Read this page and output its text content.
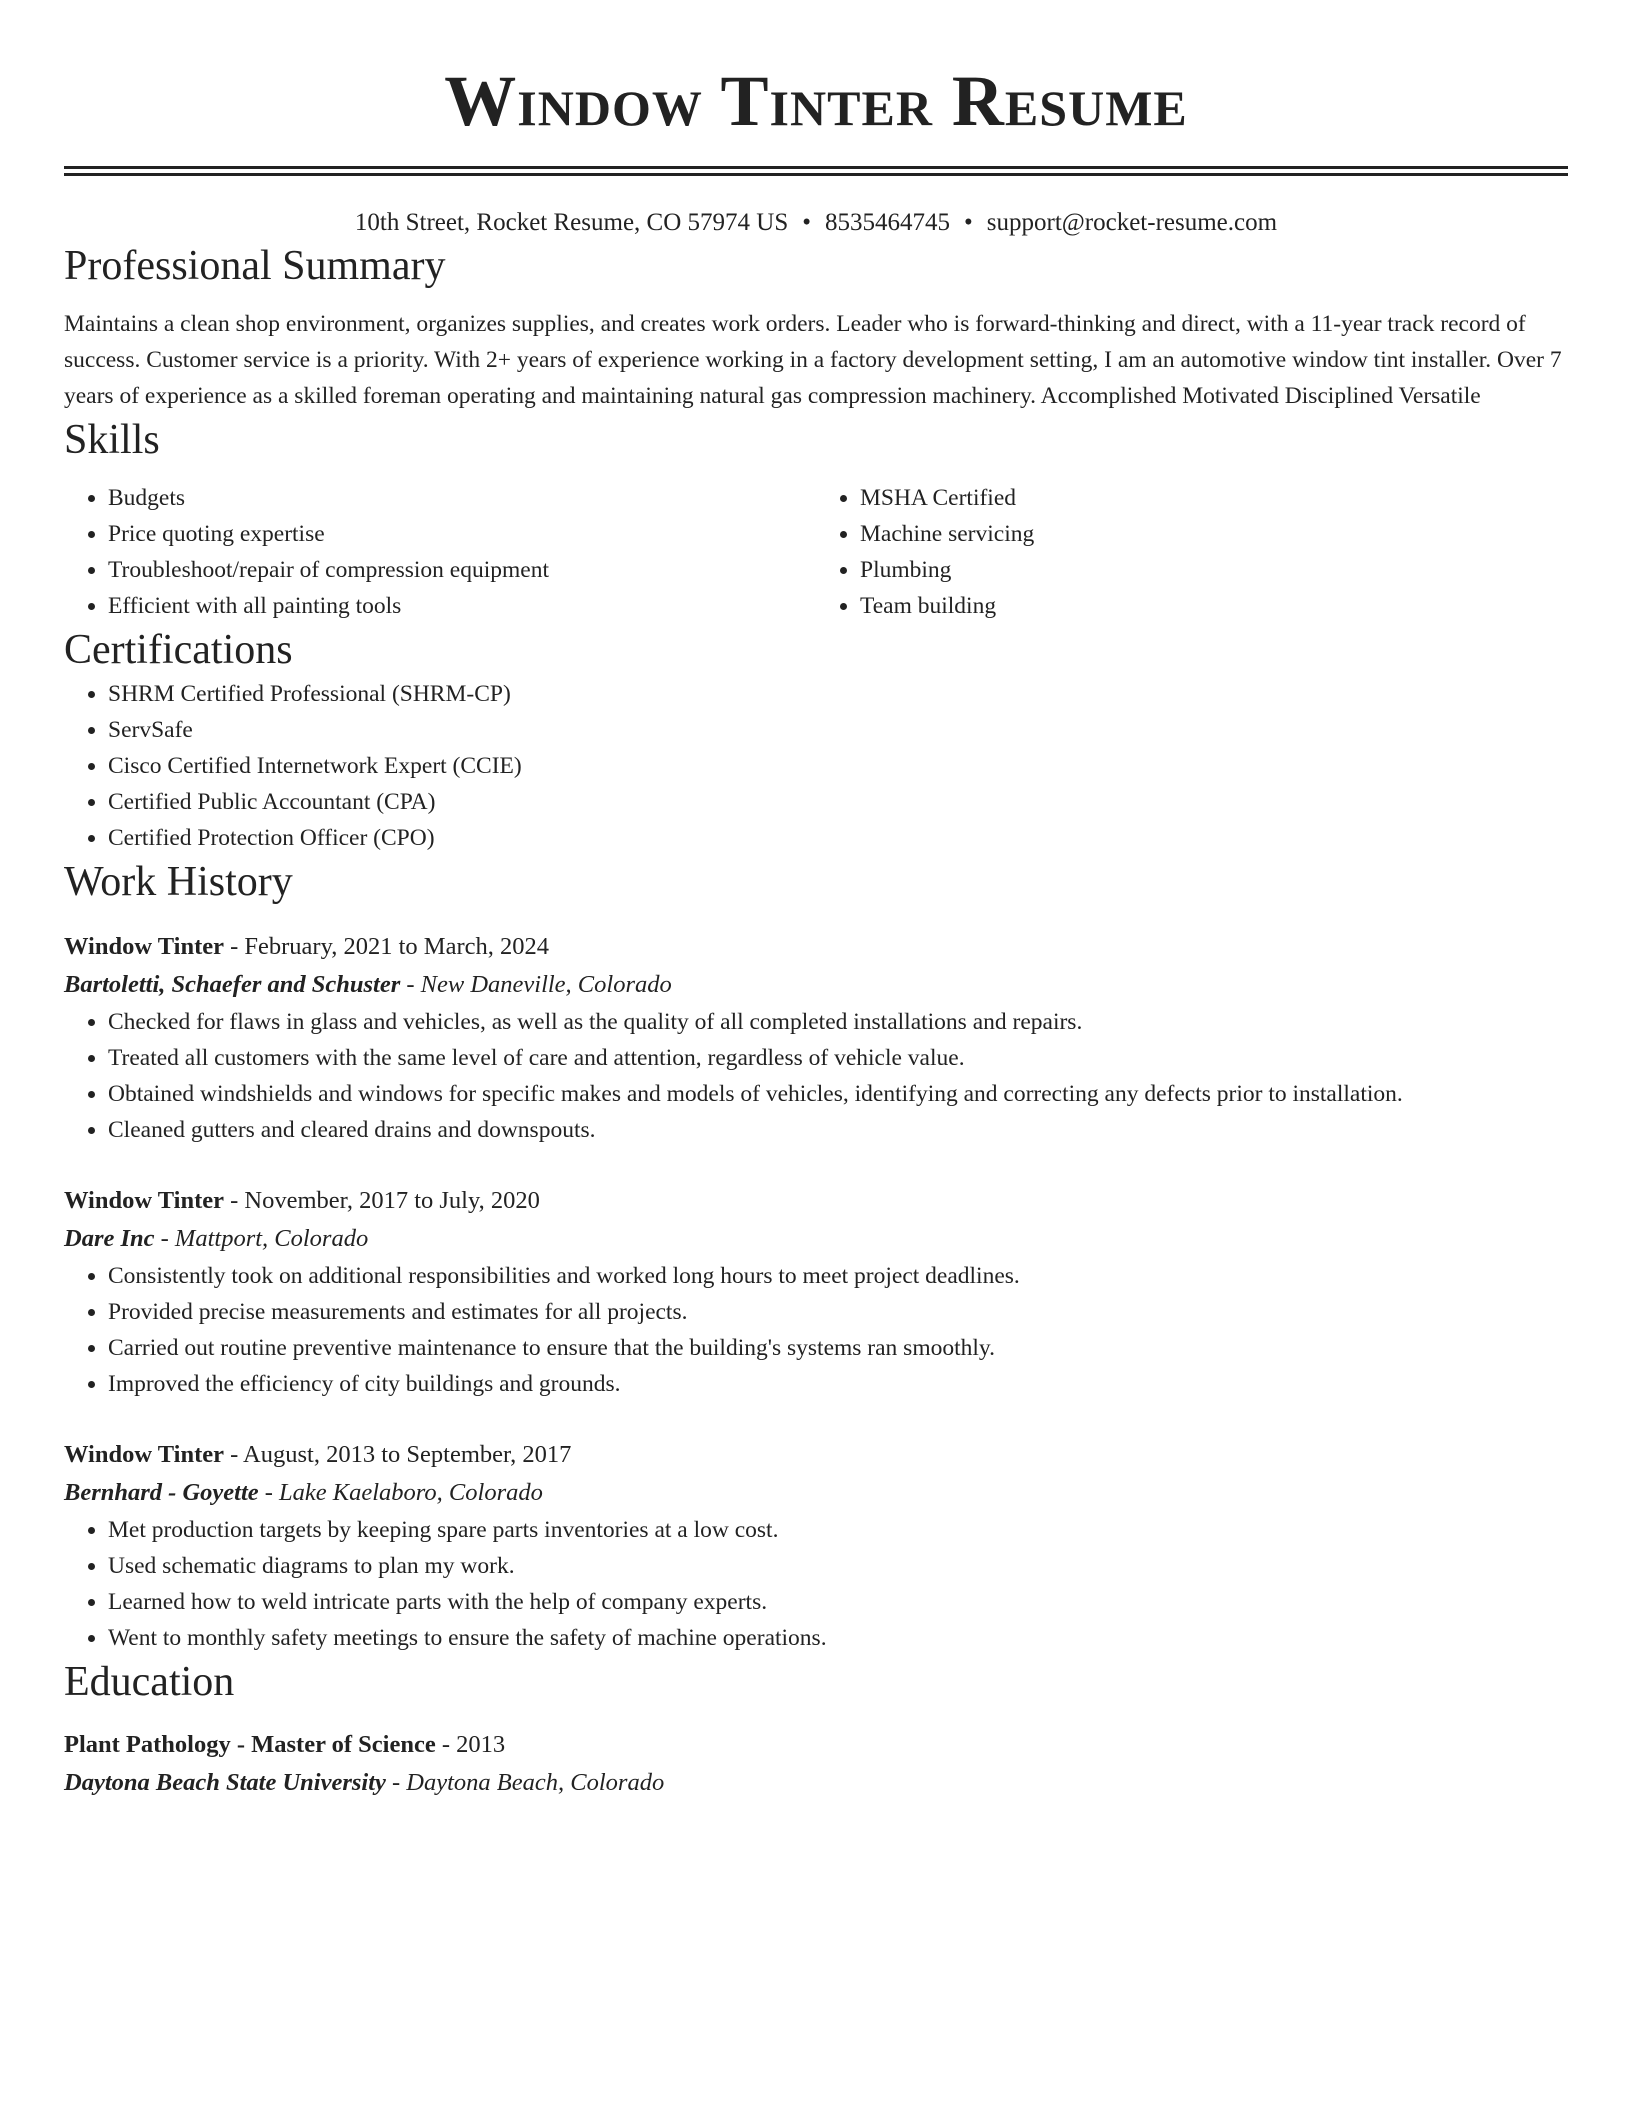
Window Tinter Resume
10th Street, Rocket Resume, CO 57974 US • 8535464745 • support@rocket-resume.com
Professional Summary
Maintains a clean shop environment, organizes supplies, and creates work orders. Leader who is forward-thinking and direct, with a 11-year track record of success. Customer service is a priority. With 2+ years of experience working in a factory development setting, I am an automotive window tint installer. Over 7 years of experience as a skilled foreman operating and maintaining natural gas compression machinery. Accomplished Motivated Disciplined Versatile
Skills
• Budgets
• Price quoting expertise
• Troubleshoot/repair of compression equipment
• Efficient with all painting tools
• MSHA Certified
• Machine servicing
• Plumbing
• Team building
Certifications
• SHRM Certified Professional (SHRM-CP)
• ServSafe
• Cisco Certified Internetwork Expert (CCIE)
• Certified Public Accountant (CPA)
• Certified Protection Officer (CPO)
Work History
Window Tinter - February, 2021 to March, 2024
Bartoletti, Schaefer and Schuster - New Daneville, Colorado
• Checked for flaws in glass and vehicles, as well as the quality of all completed installations and repairs.
• Treated all customers with the same level of care and attention, regardless of vehicle value.
• Obtained windshields and windows for specific makes and models of vehicles, identifying and correcting any defects prior to installation.
• Cleaned gutters and cleared drains and downspouts.
Window Tinter - November, 2017 to July, 2020
Dare Inc - Mattport, Colorado
• Consistently took on additional responsibilities and worked long hours to meet project deadlines.
• Provided precise measurements and estimates for all projects.
• Carried out routine preventive maintenance to ensure that the building's systems ran smoothly.
• Improved the efficiency of city buildings and grounds.
Window Tinter - August, 2013 to September, 2017
Bernhard - Goyette - Lake Kaelaboro, Colorado
• Met production targets by keeping spare parts inventories at a low cost.
• Used schematic diagrams to plan my work.
• Learned how to weld intricate parts with the help of company experts.
• Went to monthly safety meetings to ensure the safety of machine operations.
Education
Plant Pathology - Master of Science - 2013
Daytona Beach State University - Daytona Beach, Colorado
